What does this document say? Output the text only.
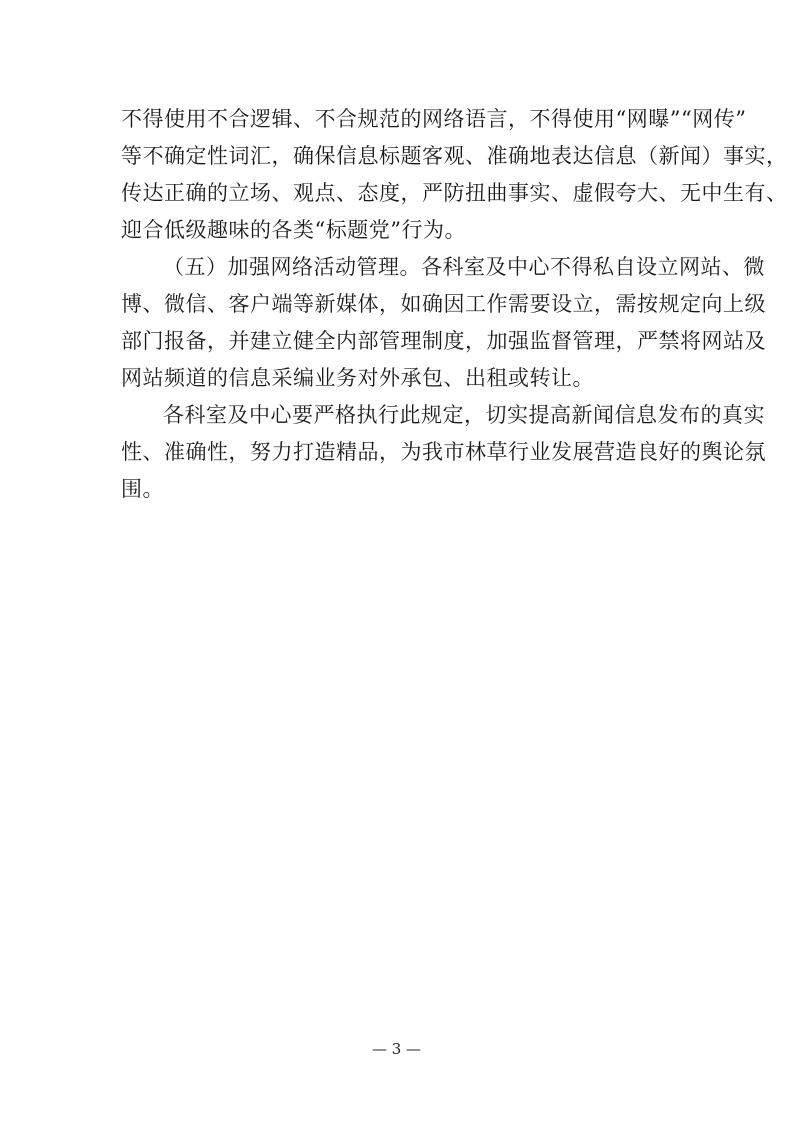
不得使用不合逻辑、不合规范的网络语言，不得使用“网曝”“网传”
等不确定性词汇，确保信息标题客观、准确地表达信息（新闻）事实，
传达正确的立场、观点、态度，严防扭曲事实、虚假夸大、无中生有、
迎合低级趣味的各类“标题党”行为。
（五）加强网络活动管理。各科室及中心不得私自设立网站、微
博、微信、客户端等新媒体，如确因工作需要设立，需按规定向上级
部门报备，并建立健全内部管理制度，加强监督管理，严禁将网站及
网站频道的信息采编业务对外承包、出租或转让。
各科室及中心要严格执行此规定，切实提高新闻信息发布的真实
性、准确性，努力打造精品，为我市林草行业发展营造良好的舆论氛
围。
— 3 —
